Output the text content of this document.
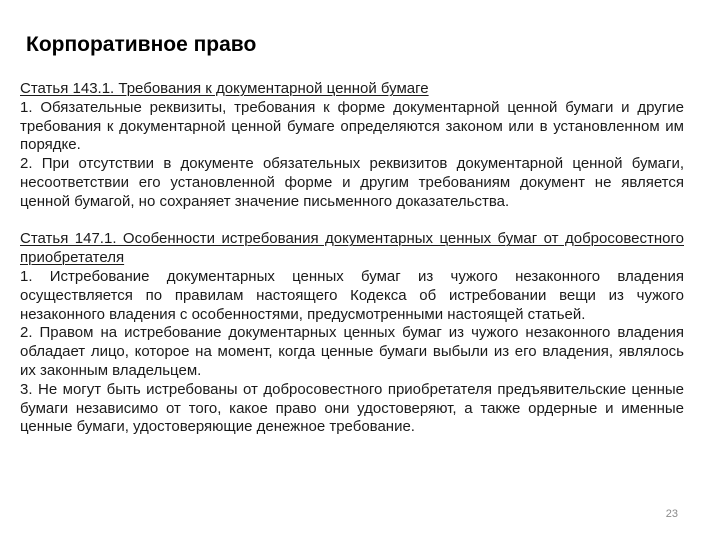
Корпоративное право

Статья 143.1. Требования к документарной ценной бумаге

1. Обязательные реквизиты, требования к форме документарной ценной бумаги и другие требования к документарной ценной бумаге определяются законом или в установленном им порядке.

2. При отсутствии в документе обязательных реквизитов документарной ценной бумаги, несоответствии его установленной форме и другим требованиям документ не является ценной бумагой, но сохраняет значение письменного доказательства.

Статья 147.1. Особенности истребования документарных ценных бумаг от добросовестного приобретателя

1. Истребование документарных ценных бумаг из чужого незаконного владения осуществляется по правилам настоящего Кодекса об истребовании вещи из чужого незаконного владения с особенностями, предусмотренными настоящей статьей.

2. Правом на истребование документарных ценных бумаг из чужого незаконного владения обладает лицо, которое на момент, когда ценные бумаги выбыли из его владения, являлось их законным владельцем.

3. Не могут быть истребованы от добросовестного приобретателя предъявительские ценные бумаги независимо от того, какое право они удостоверяют, а также ордерные и именные ценные бумаги, удостоверяющие денежное требование.

23
